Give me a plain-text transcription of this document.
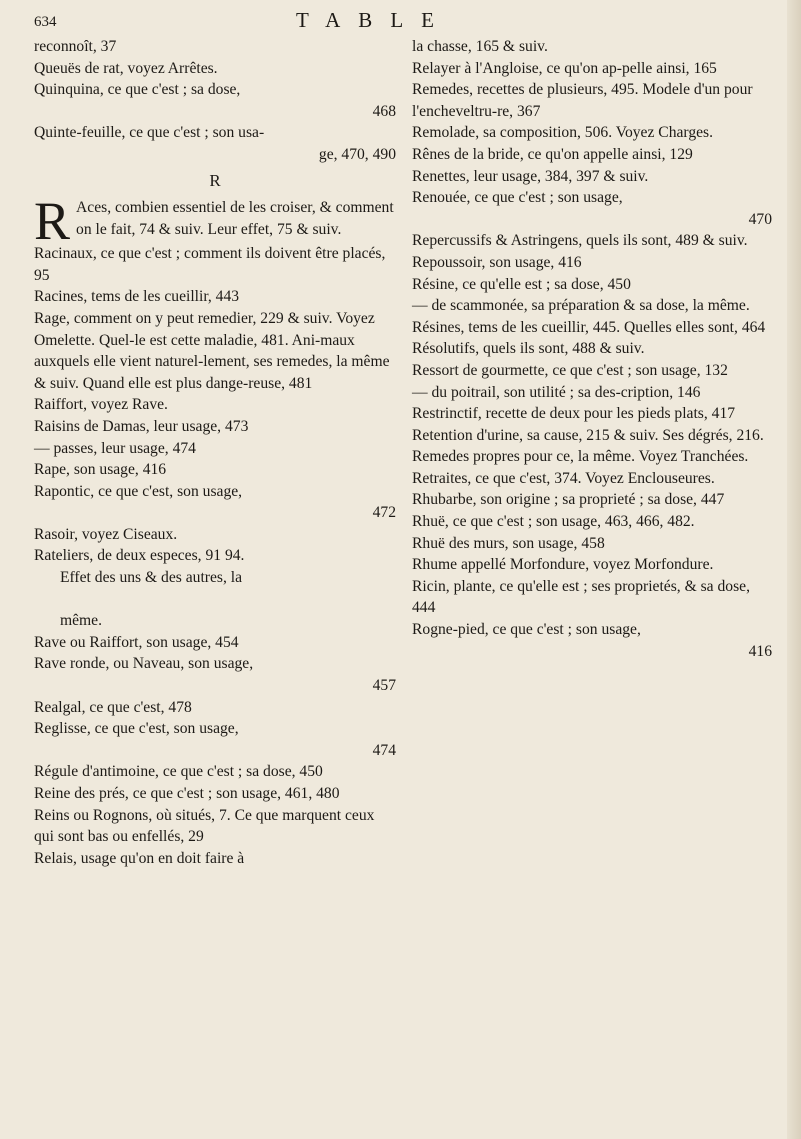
634	TABLE
reconnoît, 37
Queuës de rat, voyez Arrêtes.
Quinquina, ce que c'est ; sa dose,

468
Quinte-feuille, ce que c'est ; son usa-

ge, 470, 490
R
R Aces, combien essentiel de les croiser, & comment on le fait, 74 & suiv. Leur effet, 75 & suiv.
Racinaux, ce que c'est ; comment ils doivent être placés, 95
Racines, tems de les cueillir, 443
Rage, comment on y peut remedier, 229 & suiv. Voyez Omelette. Quel-le est cette maladie, 481. Ani-maux auxquels elle vient naturel-lement, ses remedes, la même & suiv. Quand elle est plus dange-reuse, 481
Raiffort, voyez Rave.
Raisins de Damas, leur usage, 473
— passes, leur usage, 474
Rape, son usage, 416
Rapontic, ce que c'est, son usage,

472
Rasoir, voyez Ciseaux.
Rateliers, de deux especes, 91 94.

Effet des uns & des autres, la

même.
Rave ou Raiffort, son usage, 454
Rave ronde, ou Naveau, son usage,

457
Realgal, ce que c'est, 478
Reglisse, ce que c'est, son usage,

474
Régule d'antimoine, ce que c'est ; sa dose, 450
Reine des prés, ce que c'est ; son usage, 461, 480
Reins ou Rognons, où situés, 7. Ce que marquent ceux qui sont bas ou enfellés, 29
Relais, usage qu'on en doit faire à
la chasse, 165 & suiv.
Relayer à l'Angloise, ce qu'on ap-pelle ainsi, 165
Remedes, recettes de plusieurs, 495. Modele d'un pour l'encheveltru-re, 367
Remolade, sa composition, 506. Voyez Charges.
Rênes de la bride, ce qu'on appelle ainsi, 129
Renettes, leur usage, 384, 397 & suiv.
Renouée, ce que c'est ; son usage,

470
Repercussifs & Astringens, quels ils sont, 489 & suiv.
Repoussoir, son usage, 416
Résine, ce qu'elle est ; sa dose, 450
— de scammonée, sa préparation & sa dose, la même.
Résines, tems de les cueillir, 445. Quelles elles sont, 464
Résolutifs, quels ils sont, 488 & suiv.
Ressort de gourmette, ce que c'est ; son usage, 132
— du poitrail, son utilité ; sa des-cription, 146
Restrinctif, recette de deux pour les pieds plats, 417
Retention d'urine, sa cause, 215 & suiv. Ses dégrés, 216. Remedes propres pour ce, la même. Voyez Tranchées.
Retraites, ce que c'est, 374. Voyez Enclouseures.
Rhubarbe, son origine ; sa proprieté ; sa dose, 447
Rhuë, ce que c'est ; son usage, 463, 466, 482.
Rhuë des murs, son usage, 458
Rhume appellé Morfondure, voyez Morfondure.
Ricin, plante, ce qu'elle est ; ses proprietés, & sa dose, 444
Rogne-pied, ce que c'est ; son usage,

416
